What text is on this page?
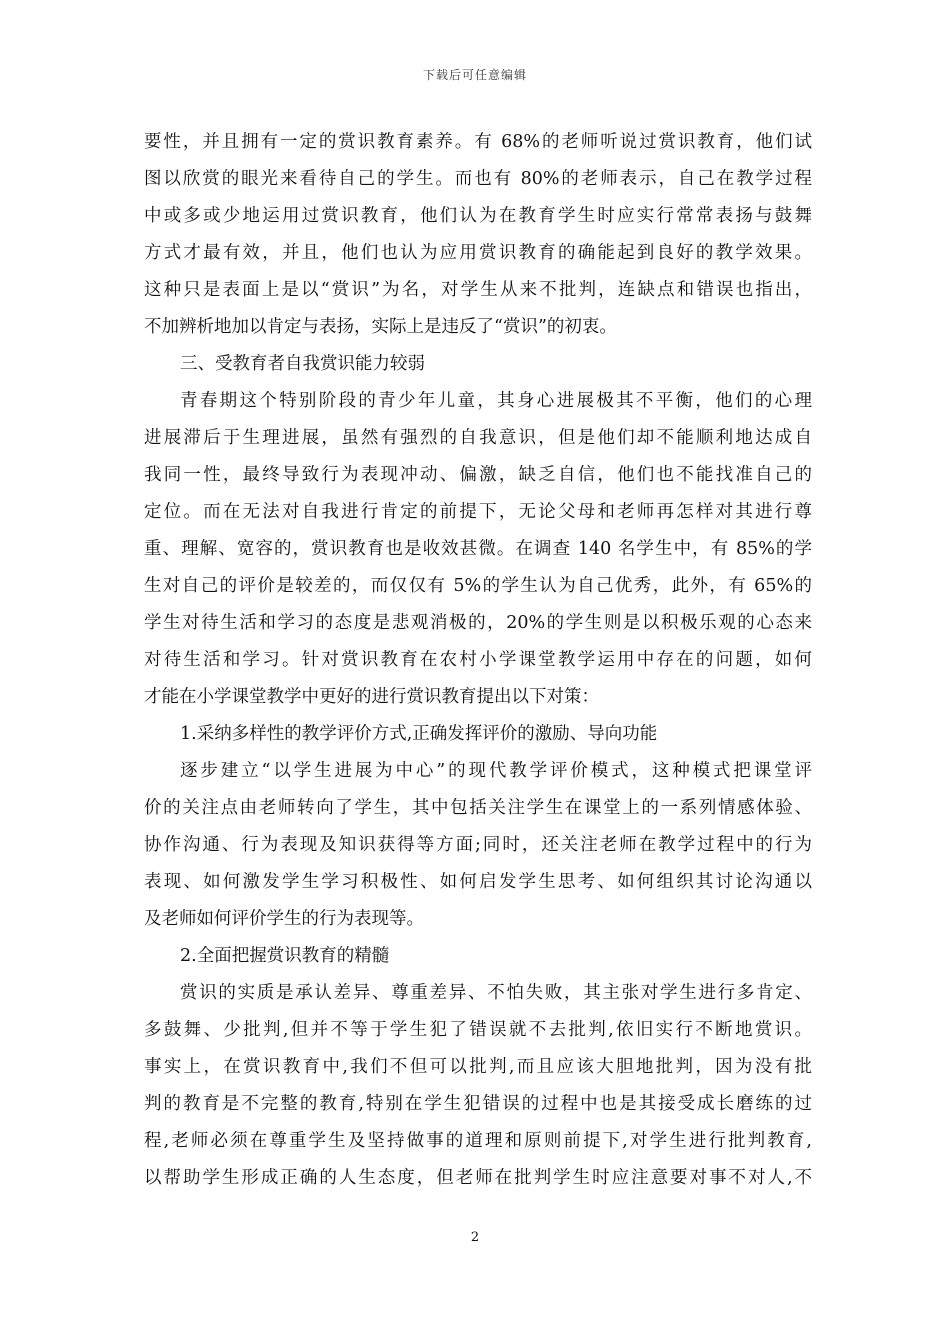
下载后可任意编辑
要性，并且拥有一定的赏识教育素养。有 68%的老师听说过赏识教育，他们试
图以欣赏的眼光来看待自己的学生。而也有 80%的老师表示，自己在教学过程
中或多或少地运用过赏识教育，他们认为在教育学生时应实行常常表扬与鼓舞
方式才最有效，并且，他们也认为应用赏识教育的确能起到良好的教学效果。
这种只是表面上是以“赏识”为名，对学生从来不批判，连缺点和错误也指出，
不加辨析地加以肯定与表扬，实际上是违反了“赏识”的初衷。
三、受教育者自我赏识能力较弱
青春期这个特别阶段的青少年儿童，其身心进展极其不平衡，他们的心理
进展滞后于生理进展，虽然有强烈的自我意识，但是他们却不能顺利地达成自
我同一性，最终导致行为表现冲动、偏激，缺乏自信，他们也不能找准自己的
定位。而在无法对自我进行肯定的前提下，无论父母和老师再怎样对其进行尊
重、理解、宽容的，赏识教育也是收效甚微。在调查 140 名学生中，有 85%的学
生对自己的评价是较差的，而仅仅有 5%的学生认为自己优秀，此外，有 65%的
学生对待生活和学习的态度是悲观消极的，20%的学生则是以积极乐观的心态来
对待生活和学习。针对赏识教育在农村小学课堂教学运用中存在的问题，如何
才能在小学课堂教学中更好的进行赏识教育提出以下对策：
1.采纳多样性的教学评价方式,正确发挥评价的激励、导向功能
逐步建立“以学生进展为中心”的现代教学评价模式，这种模式把课堂评
价的关注点由老师转向了学生，其中包括关注学生在课堂上的一系列情感体验、
协作沟通、行为表现及知识获得等方面;同时，还关注老师在教学过程中的行为
表现、如何激发学生学习积极性、如何启发学生思考、如何组织其讨论沟通以
及老师如何评价学生的行为表现等。
2.全面把握赏识教育的精髓
赏识的实质是承认差异、尊重差异、不怕失败，其主张对学生进行多肯定、
多鼓舞、少批判,但并不等于学生犯了错误就不去批判,依旧实行不断地赏识。
事实上，在赏识教育中,我们不但可以批判,而且应该大胆地批判，因为没有批
判的教育是不完整的教育,特别在学生犯错误的过程中也是其接受成长磨练的过
程,老师必须在尊重学生及坚持做事的道理和原则前提下,对学生进行批判教育,
以帮助学生形成正确的人生态度，但老师在批判学生时应注意要对事不对人,不
2
